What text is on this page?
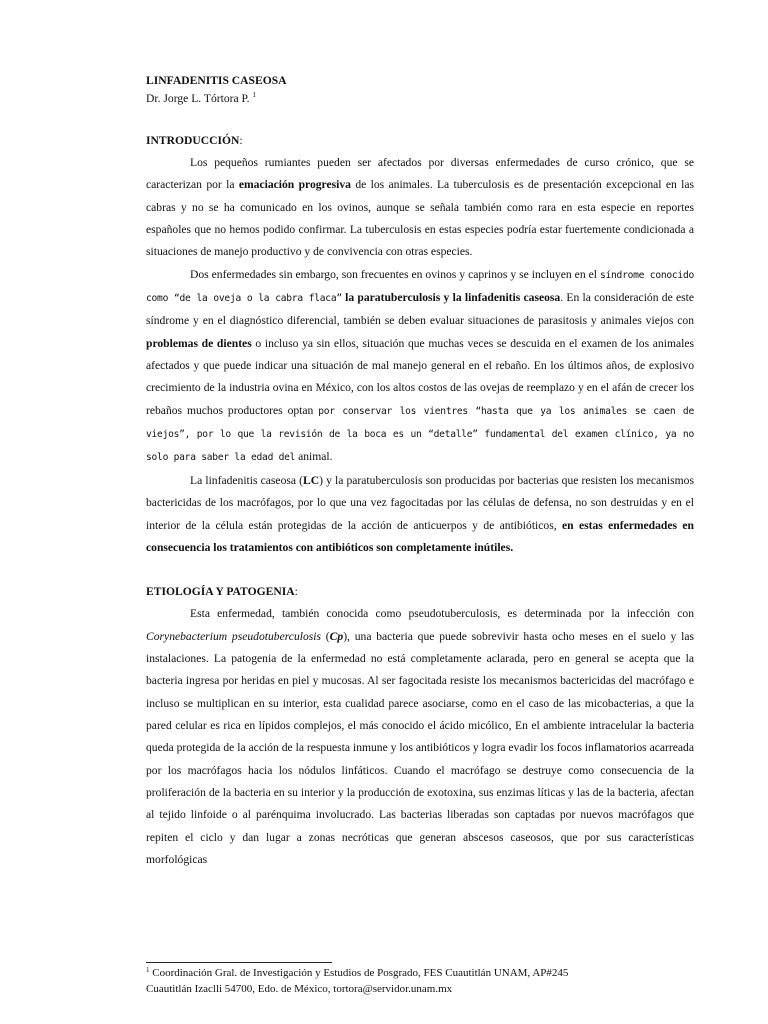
LINFADENITIS CASEOSA

Dr. Jorge L. Tórtora P. $^1$

INTRODUCCIÓN:

Los pequeños rumiantes pueden ser afectados por diversas enfermedades de curso crónico, que se caracterizan por la emaciación progresiva de los animales. La tuberculosis es de presentación excepcional en las cabras y no se ha comunicado en los ovinos, aunque se señala también como rara en esta especie en reportes españoles que no hemos podido confirmar. La tuberculosis en estas especies podría estar fuertemente condicionada a situaciones de manejo productivo y de convivencia con otras especies.

Dos enfermedades sin embargo, son frecuentes en ovinos y caprinos y se incluyen en el síndrome conocido como “de la oveja o la cabra flaca” la paratuberculosis y la linfadenitis caseosa. En la consideración de este síndrome y en el diagnóstico diferencial, también se deben evaluar situaciones de parasitosis y animales viejos con problemas de dientes o incluso ya sin ellos, situación que muchas veces se descuida en el examen de los animales afectados y que puede indicar una situación de mal manejo general en el rebaño. En los últimos años, de explosivo crecimiento de la industria ovina en México, con los altos costos de las ovejas de reemplazo y en el afán de crecer los rebaños muchos productores optan por conservar los vientres “hasta que ya los animales se caen de viejos”, por lo que la revisión de la boca es un “detalle” fundamental del examen clínico, ya no solo para saber la edad del animal.

La linfadenitis caseosa (LC) y la paratuberculosis son producidas por bacterias que resisten los mecanismos bactericidas de los macrófagos, por lo que una vez fagocitadas por las células de defensa, no son destruidas y en el interior de la célula están protegidas de la acción de anticuerpos y de antibióticos, en estas enfermedades en consecuencia los tratamientos con antibióticos son completamente inútiles.

ETIOLOGÍA Y PATOGENIA:

Esta enfermedad, también conocida como pseudotuberculosis, es determinada por la infección con Corynebacterium pseudotuberculosis (Cp), una bacteria que puede sobrevivir hasta ocho meses en el suelo y las instalaciones. La patogenia de la enfermedad no está completamente aclarada, pero en general se acepta que la bacteria ingresa por heridas en piel y mucosas. Al ser fagocitada resiste los mecanismos bactericidas del macrófago e incluso se multiplican en su interior, esta cualidad parece asociarse, como en el caso de las micobacterias, a que la pared celular es rica en lípidos complejos, el más conocido el ácido micólico, En el ambiente intracelular la bacteria queda protegida de la acción de la respuesta inmune y los antibióticos y logra evadir los focos inflamatorios acarreada por los macrófagos hacia los nódulos linfáticos. Cuando el macrófago se destruye como consecuencia de la proliferación de la bacteria en su interior y la producción de exotoxina, sus enzimas líticas y las de la bacteria, afectan al tejido linfoide o al parénquima involucrado. Las bacterias liberadas son captadas por nuevos macrófagos que repiten el ciclo y dan lugar a zonas necróticas que generan abscesos caseosos, que por sus características morfológicas

$^1$ Coordinación Gral. de Investigación y Estudios de Posgrado, FES Cuautitlán UNAM, AP#245
Cuautitlán Izaclli 54700, Edo. de México, tortora@servidor.unam.mx
